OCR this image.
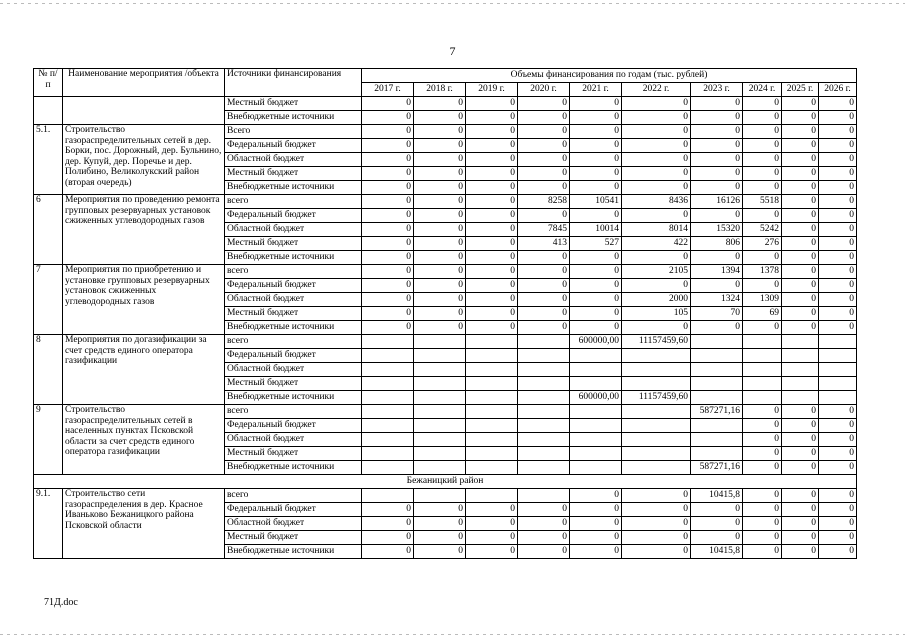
7
№ п/п	Наименование мероприятия /объекта	Источники финансирования	Объемы финансирования по годам (тыс. рублей)									
			2017 г.	2018 г.	2019 г.	2020 г.	2021 г.	2022 г.	2023 г.	2024 г.	2025 г.	2026 г.
		Местный бюджет	0	0	0	0	0	0	0	0	0	0
		Внебюджетные источники	0	0	0	0	0	0	0	0	0	0
5.1.	Строительство газораспределительных сетей в дер. Борки, пос. Дорожный, дер. Бульнино, дер. Купуй, дер. Поречье и дер. Полибино, Великолукский район (вторая очередь)	Всего	0	0	0	0	0	0	0	0	0	0
		Федеральный бюджет	0	0	0	0	0	0	0	0	0	0
		Областной бюджет	0	0	0	0	0	0	0	0	0	0
		Местный бюджет	0	0	0	0	0	0	0	0	0	0
		Внебюджетные источники	0	0	0	0	0	0	0	0	0	0
6	Мероприятия по проведению ремонта групповых резервуарных установок сжиженных углеводородных газов	всего	0	0	0	8258	10541	8436	16126	5518	0	0
		Федеральный бюджет	0	0	0	0	0	0	0	0	0	0
		Областной бюджет	0	0	0	7845	10014	8014	15320	5242	0	0
		Местный бюджет	0	0	0	413	527	422	806	276	0	0
		Внебюджетные источники	0	0	0	0	0	0	0	0	0	0
7	Мероприятия по приобретению и установке групповых резервуарных установок сжиженных углеводородных газов	всего	0	0	0	0	0	2105	1394	1378	0	0
		Федеральный бюджет	0	0	0	0	0	0	0	0	0	0
		Областной бюджет	0	0	0	0	0	2000	1324	1309	0	0
		Местный бюджет	0	0	0	0	0	105	70	69	0	0
		Внебюджетные источники	0	0	0	0	0	0	0	0	0	0
8	Мероприятия по догазификации за счет средств единого оператора газификации	всего					600000,00	11157459,60				
		Федеральный бюджет										
		Областной бюджет										
		Местный бюджет										
		Внебюджетные источники					600000,00	11157459,60				
9	Строительство газораспределительных сетей в населенных пунктах Псковской области за счет средств единого оператора газификации	всего							587271,16	0	0	0
		Федеральный бюджет								0	0	0
		Областной бюджет								0	0	0
		Местный бюджет								0	0	0
		Внебюджетные источники							587271,16	0	0	0
Бежаницкий район												
9.1.	Строительство сети газораспределения в дер. Красное Иваньково Бежаницкого района Псковской области	всего					0	0	10415,8	0	0	0
		Федеральный бюджет	0	0	0	0	0	0	0	0	0	0
		Областной бюджет	0	0	0	0	0	0	0	0	0	0
		Местный бюджет	0	0	0	0	0	0	0	0	0	0
		Внебюджетные источники	0	0	0	0	0	0	10415,8	0	0	0
71Д.doc
